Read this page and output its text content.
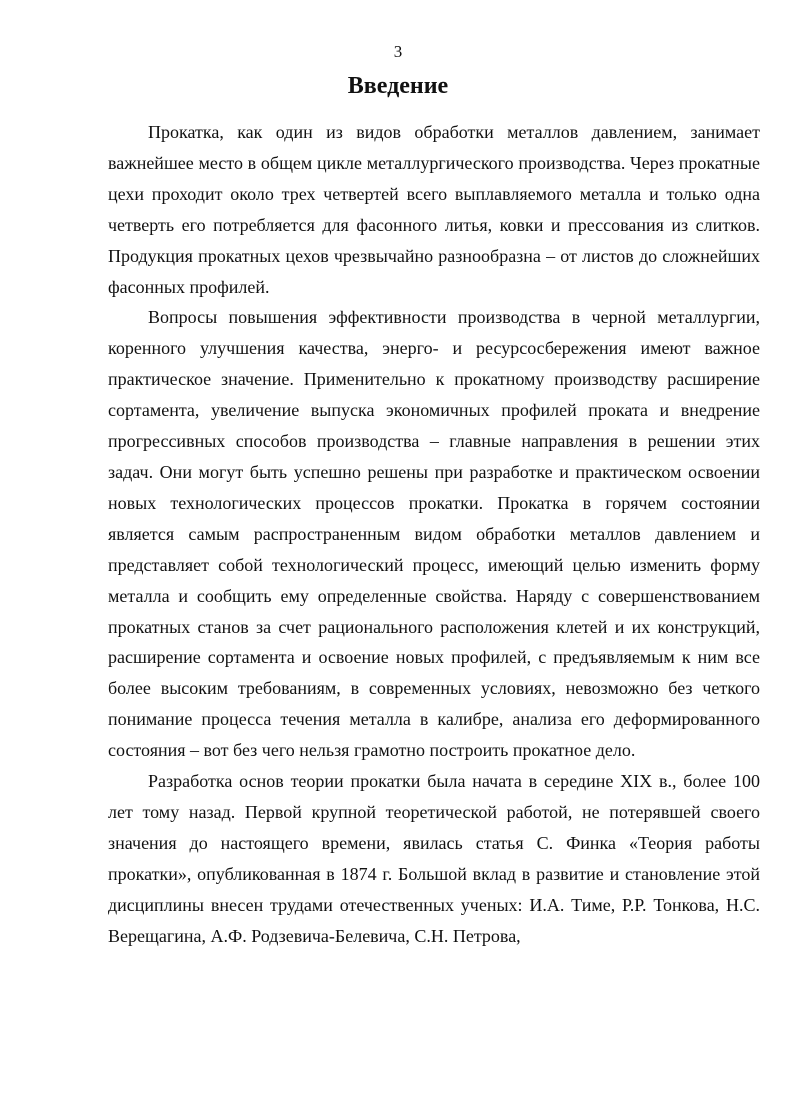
3
Введение

Прокатка, как один из видов обработки металлов давлением, занимает важнейшее место в общем цикле металлургического производства. Через прокатные цехи проходит около трех четвертей всего выплавляемого металла и только одна четверть его потребляется для фасонного литья, ковки и прессования из слитков. Продукция прокатных цехов чрезвычайно разнообразна – от листов до сложнейших фасонных профилей.

Вопросы повышения эффективности производства в черной металлургии, коренного улучшения качества, энерго- и ресурсосбережения имеют важное практическое значение. Применительно к прокатному производству расширение сортамента, увеличение выпуска экономичных профилей проката и внедрение прогрессивных способов производства – главные направления в решении этих задач. Они могут быть успешно решены при разработке и практическом освоении новых технологических процессов прокатки. Прокатка в горячем состоянии является самым распространенным видом обработки металлов давлением и представляет собой технологический процесс, имеющий целью изменить форму металла и сообщить ему определенные свойства. Наряду с совершенствованием прокатных станов за счет рационального расположения клетей и их конструкций, расширение сортамента и освоение новых профилей, с предъявляемым к ним все более высоким требованиям, в современных условиях, невозможно без четкого понимание процесса течения металла в калибре, анализа его деформированного состояния – вот без чего нельзя грамотно построить прокатное дело.

Разработка основ теории прокатки была начата в середине XIX в., более 100 лет тому назад. Первой крупной теоретической работой, не потерявшей своего значения до настоящего времени, явилась статья С. Финка «Теория работы прокатки», опубликованная в 1874 г. Большой вклад в развитие и становление этой дисциплины внесен трудами отечественных ученых: И.А. Тиме, Р.Р. Тонкова, Н.С. Верещагина, А.Ф. Родзевича-Белевича, С.Н. Петрова,
